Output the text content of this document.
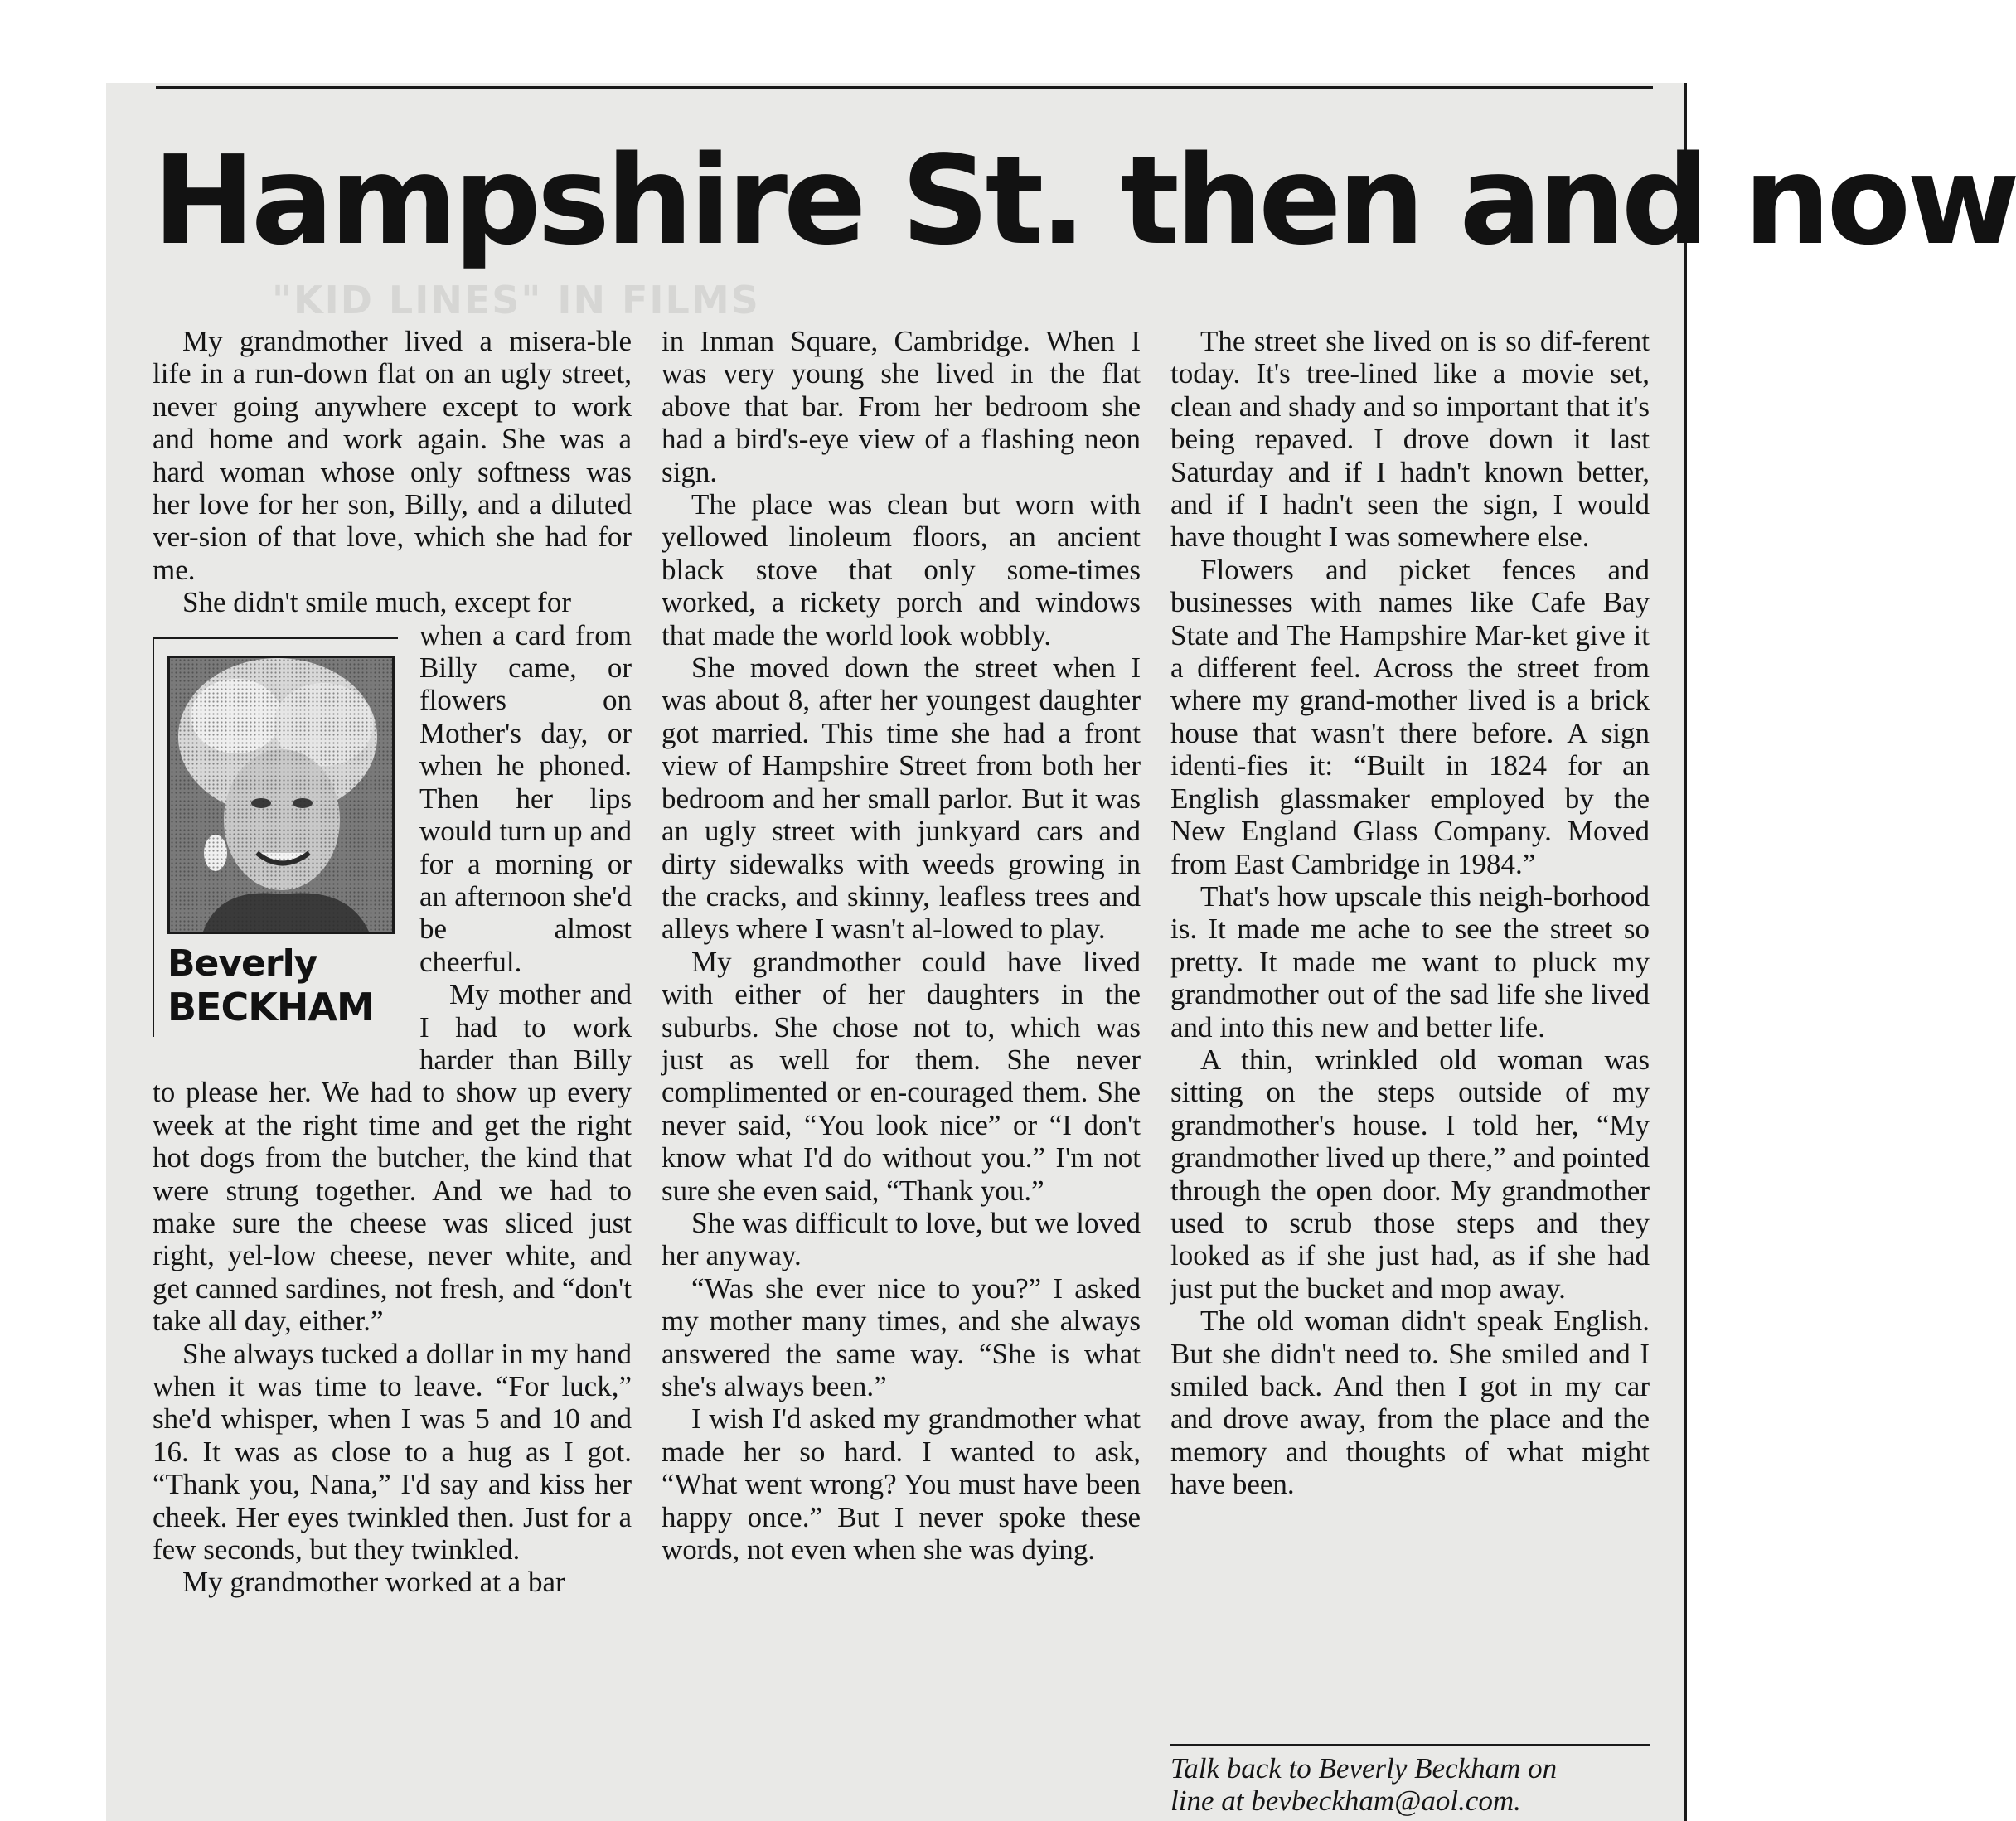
Hampshire St. then and now
"KID LINES" IN FILMS

My grandmother lived a misera-ble life in a run-down flat on an ugly street, never going anywhere except to work and home and work again. She was a hard woman whose only softness was her love for her son, Billy, and a diluted ver-sion of that love, which she had for me.

She didn't smile much, except for

Beverly
BECKHAM

when a card from Billy came, or flowers on Mother's day, or when he phoned. Then her lips would turn up and for a morning or an afternoon she'd be almost cheerful.

My mother and I had to work harder than Billy to please her. We had to show up every week at the right time and get the right hot dogs from the butcher, the kind that were strung together. And we had to make sure the cheese was sliced just right, yel-low cheese, never white, and get canned sardines, not fresh, and “don't take all day, either.”

She always tucked a dollar in my hand when it was time to leave. “For luck,” she'd whisper, when I was 5 and 10 and 16. It was as close to a hug as I got. “Thank you, Nana,” I'd say and kiss her cheek. Her eyes twinkled then. Just for a few seconds, but they twinkled.

My grandmother worked at a bar

in Inman Square, Cambridge. When I was very young she lived in the flat above that bar. From her bedroom she had a bird's-eye view of a flashing neon sign.

The place was clean but worn with yellowed linoleum floors, an ancient black stove that only some-times worked, a rickety porch and windows that made the world look wobbly.

She moved down the street when I was about 8, after her youngest daughter got married. This time she had a front view of Hampshire Street from both her bedroom and her small parlor. But it was an ugly street with junkyard cars and dirty sidewalks with weeds growing in the cracks, and skinny, leafless trees and alleys where I wasn't al-lowed to play.

My grandmother could have lived with either of her daughters in the suburbs. She chose not to, which was just as well for them. She never complimented or en-couraged them. She never said, “You look nice” or “I don't know what I'd do without you.” I'm not sure she even said, “Thank you.”

She was difficult to love, but we loved her anyway.

“Was she ever nice to you?” I asked my mother many times, and she always answered the same way. “She is what she's always been.”

I wish I'd asked my grandmother what made her so hard. I wanted to ask, “What went wrong? You must have been happy once.” But I never spoke these words, not even when she was dying.

The street she lived on is so dif-ferent today. It's tree-lined like a movie set, clean and shady and so important that it's being repaved. I drove down it last Saturday and if I hadn't known better, and if I hadn't seen the sign, I would have thought I was somewhere else.

Flowers and picket fences and businesses with names like Cafe Bay State and The Hampshire Mar-ket give it a different feel. Across the street from where my grand-mother lived is a brick house that wasn't there before. A sign identi-fies it: “Built in 1824 for an English glassmaker employed by the New England Glass Company. Moved from East Cambridge in 1984.”

That's how upscale this neigh-borhood is. It made me ache to see the street so pretty. It made me want to pluck my grandmother out of the sad life she lived and into this new and better life.

A thin, wrinkled old woman was sitting on the steps outside of my grandmother's house. I told her, “My grandmother lived up there,” and pointed through the open door. My grandmother used to scrub those steps and they looked as if she just had, as if she had just put the bucket and mop away.

The old woman didn't speak English. But she didn't need to. She smiled and I smiled back. And then I got in my car and drove away, from the place and the memory and thoughts of what might have been.

Talk back to Beverly Beckham on
line at bevbeckham@aol.com.
